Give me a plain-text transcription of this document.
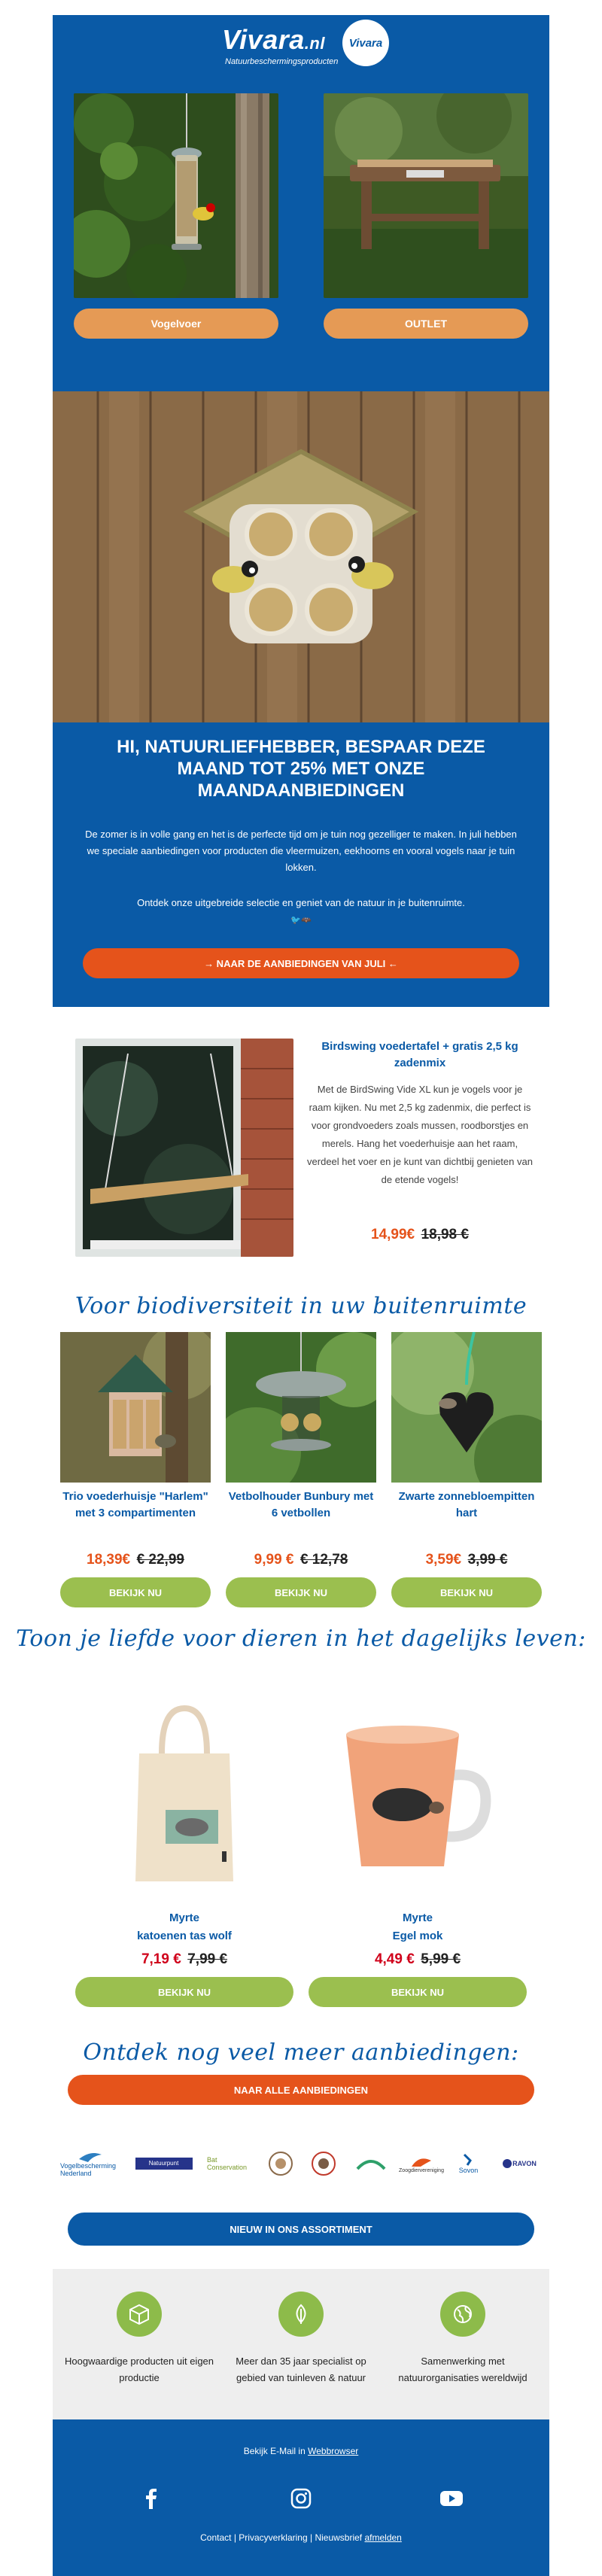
Vivara.nl
Natuurbeschermingsproducten
Vivara
Vogelvoer	OUTLET
HI, NATUURLIEFHEBBER, BESPAAR DEZE MAAND TOT 25% MET ONZE MAANDAANBIEDINGEN
De zomer is in volle gang en het is de perfecte tijd om je tuin nog gezelliger te maken. In juli hebben we speciale aanbiedingen voor producten die vleermuizen, eekhoorns en vooral vogels naar je tuin lokken.
Ontdek onze uitgebreide selectie en geniet van de natuur in je buitenruimte.
🐦🦇
→ NAAR DE AANBIEDINGEN VAN JULI ←
Birdswing voedertafel + gratis 2,5 kg zadenmix
Met de BirdSwing Vide XL kun je vogels voor je raam kijken. Nu met 2,5 kg zadenmix, die perfect is voor grondvoeders zoals mussen, roodborstjes en merels. Hang het voederhuisje aan het raam, verdeel het voer en je kunt van dichtbij genieten van de etende vogels!
14,99€ 18,98 €
Voor biodiversiteit in uw buitenruimte
Trio voederhuisje "Harlem" met 3 compartimenten
Vetbolhouder Bunbury met 6 vetbollen
Zwarte zonnebloempitten hart
18,39€ € 22,99	9,99 € € 12,78	3,59€ 3,99 €
BEKIJK NU	BEKIJK NU	BEKIJK NU
Toon je liefde voor dieren in het dagelijks leven:
Myrte
katoenen tas wolf
7,19 € 7,99 €
Myrte
Egel mok
4,49 € 5,99 €
BEKIJK NU	BEKIJK NU
Ontdek nog veel meer aanbiedingen:
NAAR ALLE AANBIEDINGEN
Vogelbescherming Nederland
Natuurpunt	Bat Conservation	Zoogdiervereniging Sovon
RAVON
NIEUW IN ONS ASSORTIMENT
Hoogwaardige producten uit eigen productie
Meer dan 35 jaar specialist op gebied van tuinleven & natuur
Samenwerking met natuurorganisaties wereldwijd
Bekijk E-Mail in Webbrowser
Contact | Privacyverklaring | Nieuwsbrief afmelden
